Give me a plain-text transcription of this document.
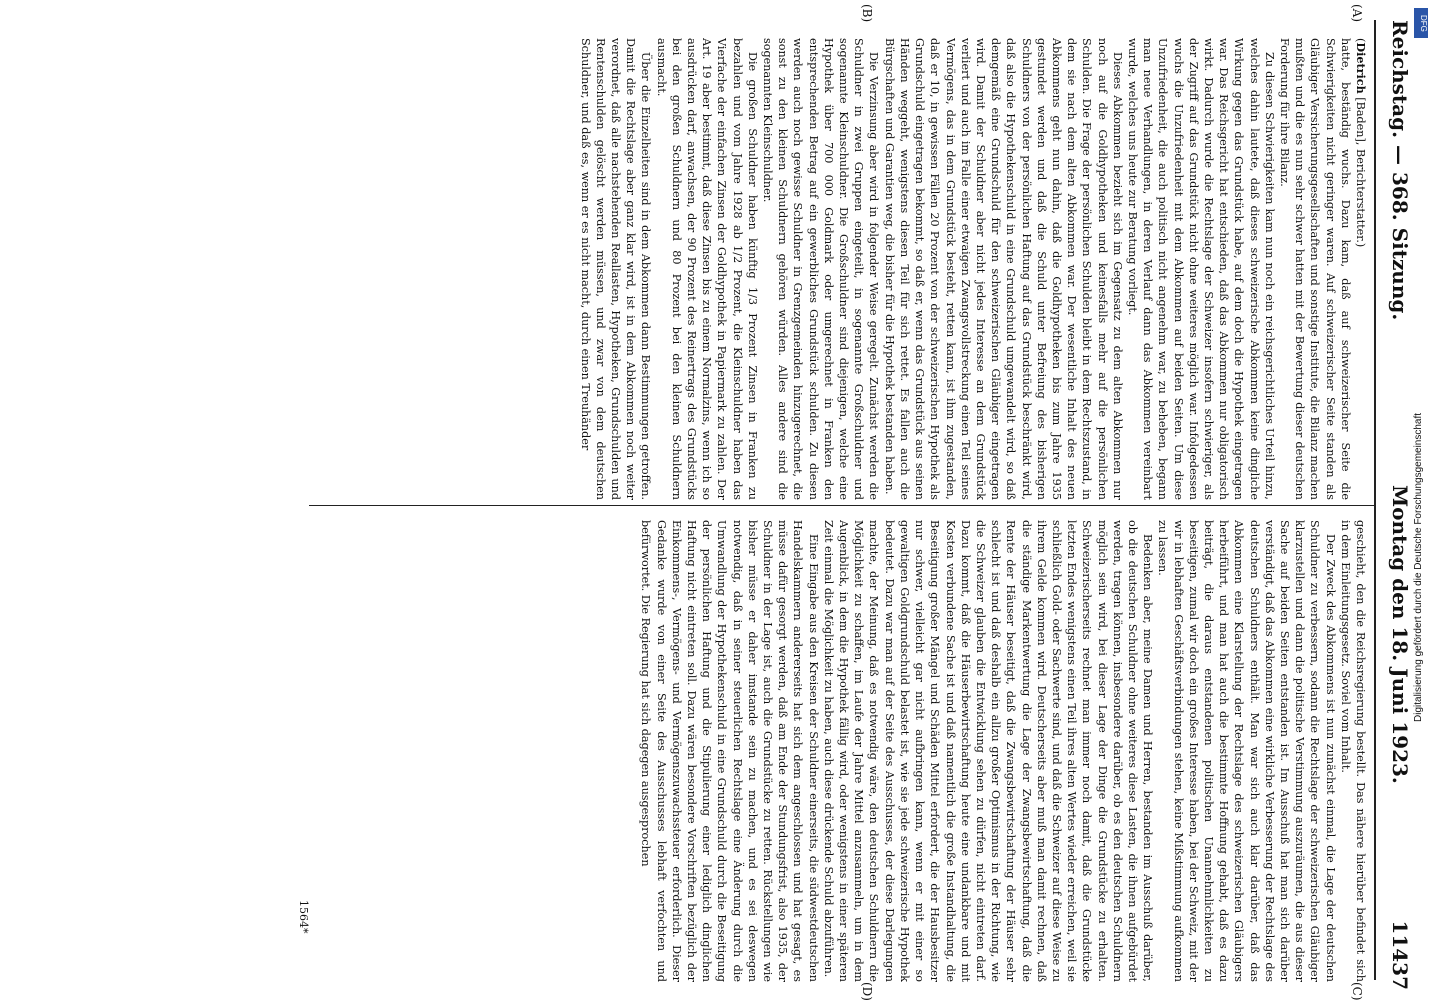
Reichstag. — 368. Sitzung.
Montag den 18. Juni 1923.
11437
(A)
(B)
(C)
(D)

(Dietrich [Baden], Berichterstatter.)

hatte, beständig wuchs. Dazu kam, daß auf schweizerischer Seite die Schwierigkeiten nicht geringer waren. Auf schweizerischer Seite standen als Gläubiger Versicherungsgesellschaften und sonstige Institute, die Bilanz machen mußten und die es nun sehr schwer hatten mit der Bewertung dieser deutschen Forderung für ihre Bilanz.

Zu diesen Schwierigkeiten kam nun noch ein reichsgerichtliches Urteil hinzu, welches dahin lautete, daß dieses schweizerische Abkommen keine dingliche Wirkung gegen das Grundstück habe, auf dem doch die Hypothek eingetragen war. Das Reichsgericht hat entschieden, daß das Abkommen nur obligatorisch wirkt. Dadurch wurde die Rechtslage der Schweizer insofern schwieriger, als der Zugriff auf das Grundstück nicht ohne weiteres möglich war. Infolgedessen wuchs die Unzufriedenheit mit dem Abkommen auf beiden Seiten. Um diese Unzufriedenheit, die auch politisch nicht angenehm war, zu beheben, begann man neue Verhandlungen, in deren Verlauf dann das Abkommen vereinbart wurde, welches uns heute zur Beratung vorliegt.

Dieses Abkommen bezieht sich im Gegensatz zu dem alten Abkommen nur noch auf die Goldhypotheken und keinesfalls mehr auf die persönlichen Schulden. Die Frage der persönlichen Schulden bleibt in dem Rechtszustand, in dem sie nach dem alten Abkommen war. Der wesentliche Inhalt des neuen Abkommens geht nun dahin, daß die Goldhypotheken bis zum Jahre 1935 gestundet werden und daß die Schuld unter Befreiung des bisherigen Schuldners von der persönlichen Haftung auf das Grundstück beschränkt wird, daß also die Hypothekenschuld in eine Grundschuld umgewandelt wird, so daß demgemäß eine Grundschuld für den schweizerischen Gläubiger eingetragen wird. Damit der Schuldner aber nicht jedes Interesse an dem Grundstück verliert und auch im Falle einer etwaigen Zwangsvollstreckung einen Teil seines Vermögens, das in dem Grundstück besteht, retten kann, ist ihm zugestanden, daß er 10, in gewissen Fällen 20 Prozent von der schweizerischen Hypothek als Grundschuld eingetragen bekommt, so daß er, wenn das Grundstück aus seinen Händen weggeht, wenigstens diesen Teil für sich rettet. Es fallen auch die Bürgschaften und Garantien weg, die bisher für die Hypothek bestanden haben.

Die Verzinsung aber wird in folgender Weise geregelt. Zunächst werden die Schuldner in zwei Gruppen eingeteilt, in sogenannte Großschuldner und sogenannte Kleinschuldner. Die Großschuldner sind diejenigen, welche eine Hypothek über 700 000 Goldmark oder umgerechnet in Franken den entsprechenden Betrag auf ein gewerbliches Grundstück schulden. Zu diesen werden auch noch gewisse Schuldner in Grenzgemeinden hinzugerechnet, die sonst zu den kleinen Schuldnern gehören würden. Alles andere sind die sogenannten Kleinschuldner.

Die großen Schuldner haben künftig 1/3 Prozent Zinsen in Franken zu bezahlen und vom Jahre 1928 ab 1/2 Prozent, die Kleinschuldner haben das Vierfache der einfachen Zinsen der Goldhypothek in Papiermark zu zahlen. Der Art. 19 aber bestimmt, daß diese Zinsen bis zu einem Normalzins, wenn ich so ausdrücken darf, anwachsen, der 90 Prozent des Reinertrags des Grundstücks bei den großen Schuldnern und 80 Prozent bei den kleinen Schuldnern ausmacht.

Über die Einzelheiten sind in dem Abkommen dann Bestimmungen getroffen. Damit die Rechtslage aber ganz klar wird, ist in dem Abkommen noch weiter verordnet, daß alle nachstehenden Reallasten, Hypotheken, Grundschulden und Rentenschulden gelöscht werden müssen, und zwar von dem deutschen Schuldner, und daß es, wenn er es nicht macht, durch einen Treuhänder

geschieht, den die Reichsregierung bestellt. Das nähere hierüber befindet sich in dem Einleitungsgesetz. Soviel vom Inhalt.

Der Zweck des Abkommens ist nun zunächst einmal, die Lage der deutschen Schuldner zu verbessern, sodann die Rechtslage der schweizerischen Gläubiger klarzustellen und dann die politische Verstimmung auszuräumen, die aus dieser Sache auf beiden Seiten entstanden ist. Im Ausschuß hat man sich darüber verständigt, daß das Abkommen eine wirkliche Verbesserung der Rechtslage des deutschen Schuldners enthält. Man war sich auch klar darüber, daß das Abkommen eine Klarstellung der Rechtslage des schweizerischen Gläubigers herbeiführt, und man hat auch die bestimmte Hoffnung gehabt, daß es dazu beiträgt, die daraus entstandenen politischen Unannehmlichkeiten zu beseitigen, zumal wir doch ein großes Interesse haben, bei der Schweiz, mit der wir in lebhaften Geschäftsverbindungen stehen, keine Mißstimmung aufkommen zu lassen.

Bedenken aber, meine Damen und Herren, bestanden im Ausschuß darüber, ob die deutschen Schuldner ohne weiteres diese Lasten, die ihnen aufgebürdet werden, tragen können, insbesondere darüber, ob es den deutschen Schuldnern möglich sein wird, bei dieser Lage der Dinge die Grundstücke zu erhalten. Schweizerischerseits rechnet man immer noch damit, daß die Grundstücke letzten Endes wenigstens einen Teil ihres alten Wertes wieder erreichen, weil sie schließlich Gold- oder Sachwerte sind, und daß die Schweizer auf diese Weise zu ihrem Gelde kommen wird. Deutscherseits aber muß man damit rechnen, daß die ständige Markentwertung die Lage der Zwangsbewirtschaftung, daß die Rente der Häuser beseitigt, daß die Zwangsbewirtschaftung der Häuser sehr schlecht ist und daß deshalb ein allzu großer Optimismus in der Richtung, wie die Schweizer glauben die Entwicklung sehen zu dürfen, nicht eintreten darf. Dazu kommt, daß die Häuserbewirtschaftung heute eine undankbare und mit Kosten verbundene Sache ist und daß namentlich die große Instandhaltung, die Beseitigung großer Mängel und Schäden Mittel erfordert, die der Hausbesitzer nur schwer, vielleicht gar nicht aufbringen kann, wenn er mit einer so gewaltigen Goldgrundschuld belastet ist, wie sie jede schweizerische Hypothek bedeutet. Dazu war man auf der Seite des Ausschusses, der diese Darlegungen machte, der Meinung, daß es notwendig wäre, den deutschen Schuldnern die Möglichkeit zu schaffen, im Laufe der Jahre Mittel anzusammeln, um in dem Augenblick, in dem die Hypothek fällig wird, oder wenigstens in einer späteren Zeit einmal die Möglichkeit zu haben, auch diese drückende Schuld abzuführen.

Eine Eingabe aus den Kreisen der Schuldner einerseits, die südwestdeutschen Handelskammern andererseits hat sich dem angeschlossen und hat gesagt, es müsse dafür gesorgt werden, daß am Ende der Stundungsfrist, also 1935, der Schuldner in der Lage ist, auch die Grundstücke zu retten. Rückstellungen wie bisher müsse er daher imstande sein zu machen, und es sei deswegen notwendig, daß in seiner steuerlichen Rechtslage eine Änderung durch die Umwandlung der Hypothekenschuld in eine Grundschuld durch die Beseitigung der persönlichen Haftung und die Stipulierung einer lediglich dinglichen Haftung nicht eintreten soll. Dazu wären besondere Vorschriften bezüglich der Einkommens-, Vermögens- und Vermögenszuwachssteuer erforderlich. Dieser Gedanke wurde von einer Seite des Ausschusses lebhaft verfochten und befürwortet. Die Regierung hat sich dagegen ausgesprochen

1564*
DFG
Digitalisierung gefördert durch die Deutsche Forschungsgemeinschaft
